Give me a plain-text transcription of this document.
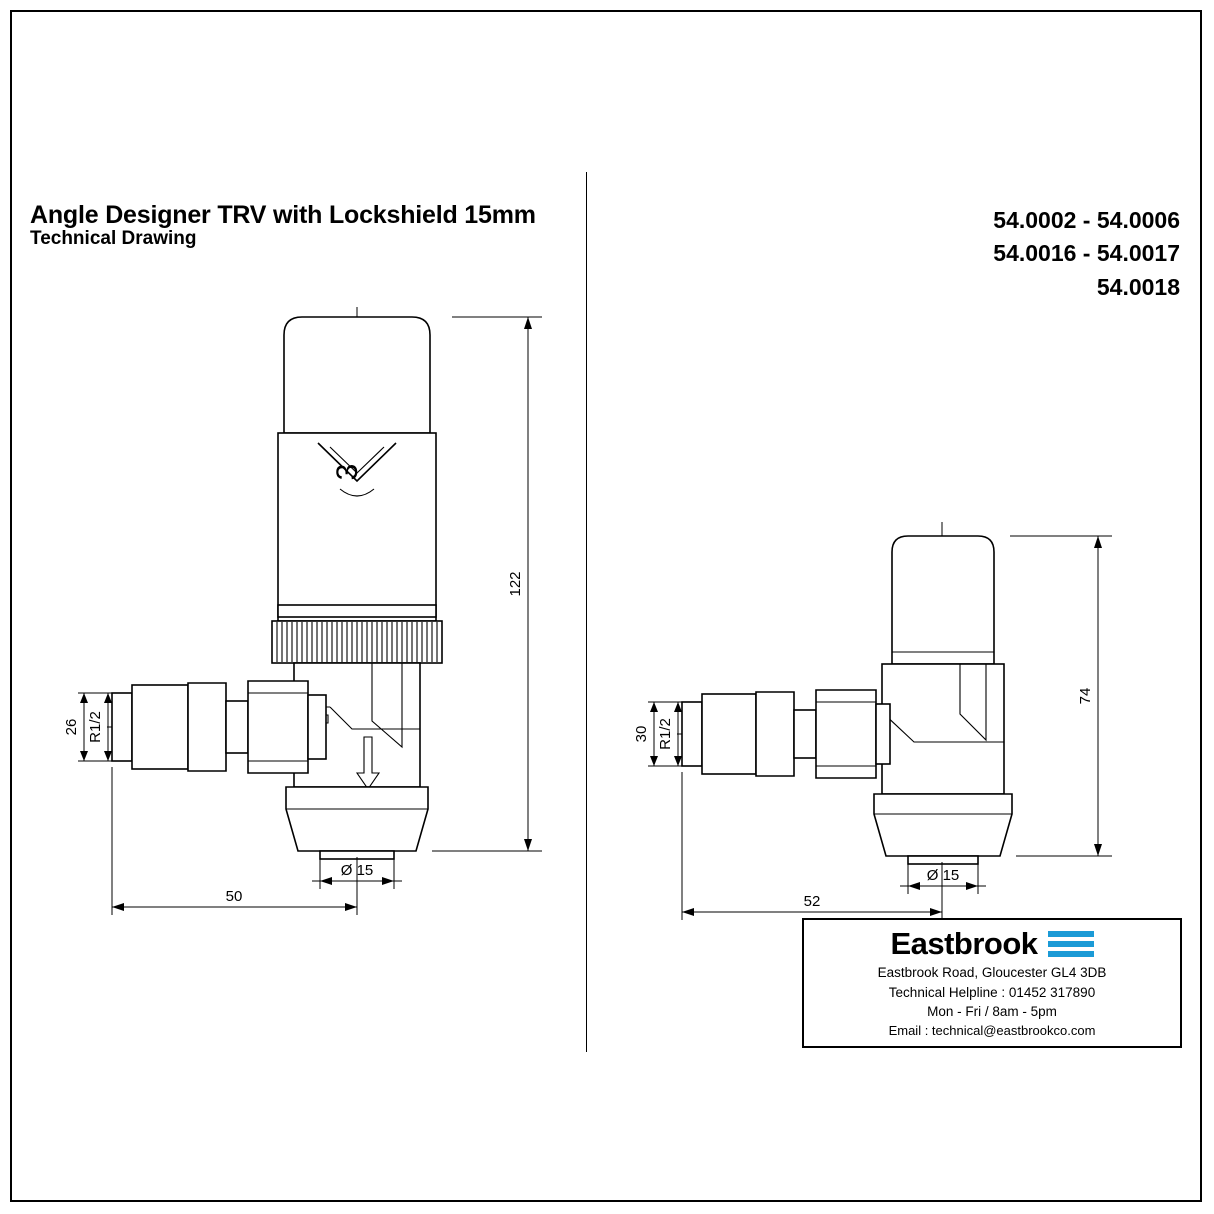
Angle Designer TRV with Lockshield 15mm
Technical Drawing
54.0002 - 54.0006
54.0016 - 54.0017
54.0018
3
122
R1/2
26
Ø 15
50
74
R1/2
30
Ø 15
52
Eastbrook
Eastbrook Road, Gloucester GL4 3DB
Technical Helpline : 01452 317890
Mon - Fri / 8am - 5pm
Email : technical@eastbrookco.com
